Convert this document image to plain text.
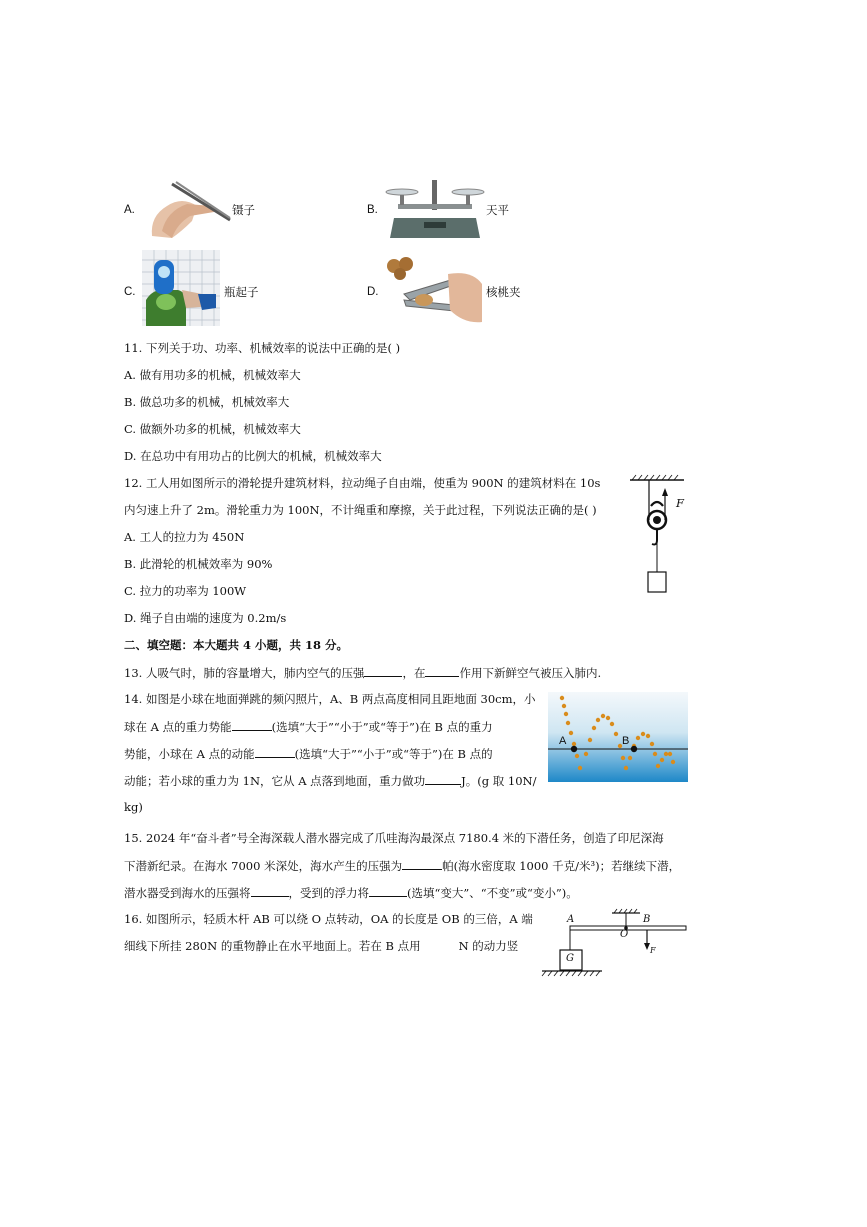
A.	镊子	B.	天平
C.	瓶起子	D.	核桃夹
11. 下列关于功、功率、机械效率的说法中正确的是( )
A. 做有用功多的机械，机械效率大
B. 做总功多的机械，机械效率大
C. 做额外功多的机械，机械效率大
D. 在总功中有用功占的比例大的机械，机械效率大
12. 工人用如图所示的滑轮提升建筑材料，拉动绳子自由端，使重为 900N 的建筑材料在 10s
内匀速上升了 2m。滑轮重力为 100N，不计绳重和摩擦，关于此过程，下列说法正确的是( )
A. 工人的拉力为 450N
B. 此滑轮的机械效率为 90%
C. 拉力的功率为 100W
D. 绳子自由端的速度为 0.2m/s
F
二、填空题：本大题共 4 小题，共 18 分。
13. 人吸气时，肺的容量增大，肺内空气的压强	，在	作用下新鲜空气被压入肺内.
14. 如图是小球在地面弹跳的频闪照片，A、B 两点高度相同且距地面 30cm，小
球在 A 点的重力势能	(选填“大于”“小于”或“等于”)在 B 点的重力
势能，小球在 A 点的动能	(选填“大于”“小于”或“等于”)在 B 点的
动能；若小球的重力为 1N，它从 A 点落到地面，重力做功	J。(g 取 10N/
kg)
A	B
15. 2024 年“奋斗者”号全海深载人潜水器完成了爪哇海沟最深点 7180.4 米的下潜任务，创造了印尼深海
下潜新纪录。在海水 7000 米深处，海水产生的压强为	帕(海水密度取 1000 千克/米³)；若继续下潜，
潜水器受到海水的压强将	，受到的浮力将	(选填“变大”、“不变”或“变小”)。
16. 如图所示，轻质木杆 AB 可以绕 O 点转动，OA 的长度是 OB 的三倍，A 端
细线下所挂 280N 的重物静止在水平地面上。若在 B 点用	N 的动力竖
A	B
O
G
F
